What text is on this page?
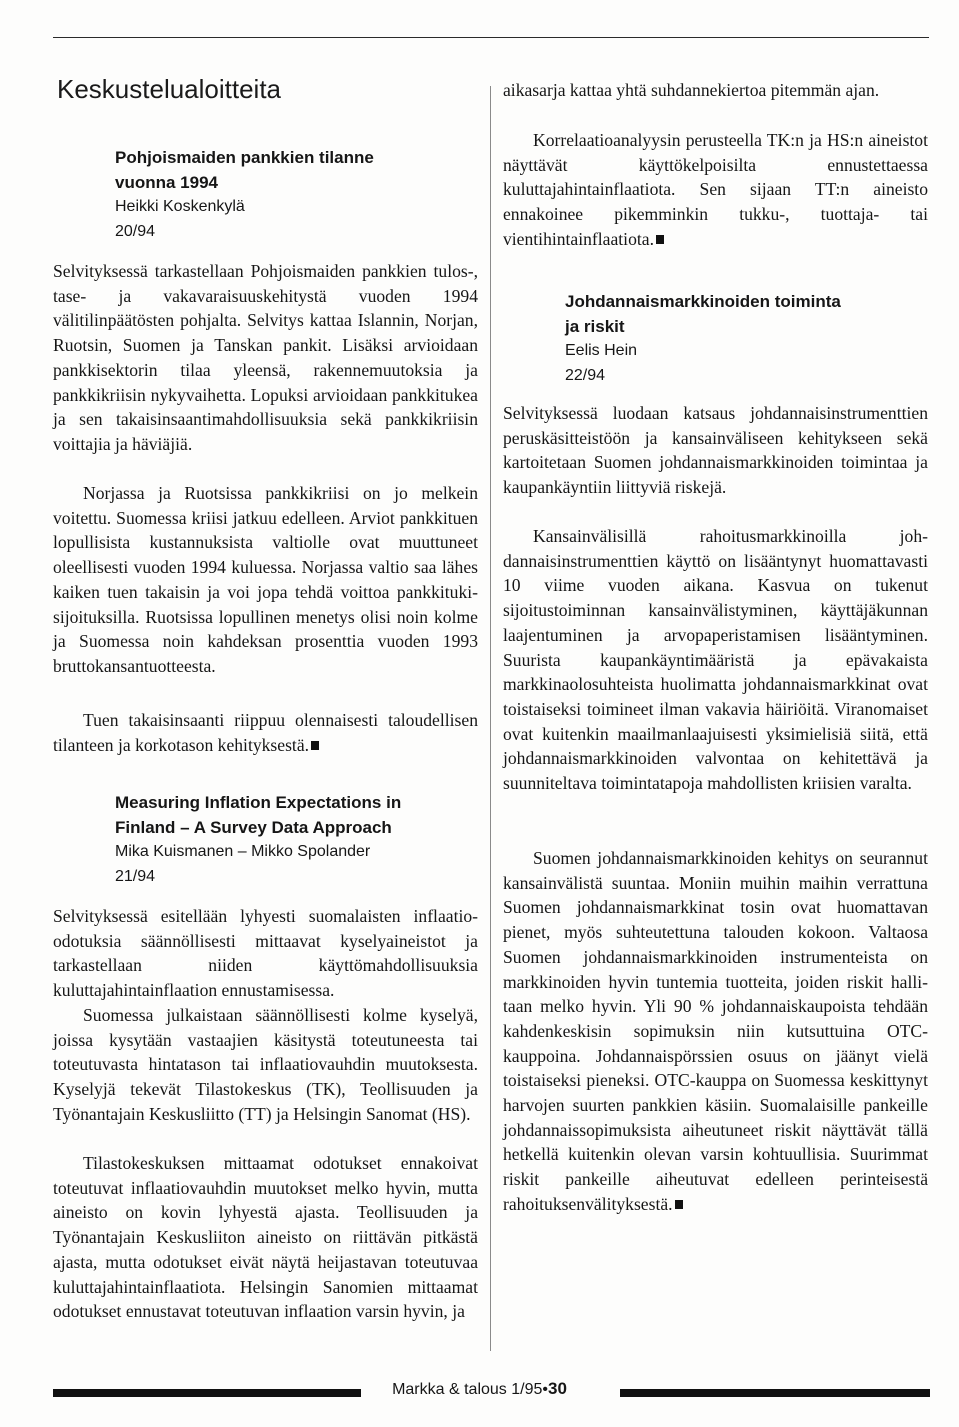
Keskustelualoitteita
Pohjoismaiden pankkien tilanne
vuonna 1994
Heikki Koskenkylä
20/94

Selvityksessä tarkastellaan Pohjoismaiden pankkien tulos-, tase- ja vakavaraisuuskehitystä vuoden 1994 välitilinpäätösten pohjalta. Selvitys kattaa Islannin, Norjan, Ruotsin, Suomen ja Tanskan pankit. Lisäksi arvioidaan pankkisektorin tilaa yleensä, rakennemuutoksia ja pankkikriisin nykyvaihetta. Lopuksi arvioidaan pankkitukea ja sen takaisinsaantimahdollisuuksia sekä pankkikriisin voittajia ja häviäjiä.

Norjassa ja Ruotsissa pankkikriisi on jo melkein voitettu. Suomessa kriisi jatkuu edelleen. Arviot pankkituen lopullisista kustannuksista valtiolle ovat muuttuneet oleellisesti vuoden 1994 kuluessa. Norjassa valtio saa lähes kaiken tuen takaisin ja voi jopa tehdä voittoa pankkitukisijoituksilla. Ruotsissa lopullinen menetys olisi noin kolme ja Suomessa noin kahdeksan prosenttia vuoden 1993 bruttokansantuotteesta.

Tuen takaisinsaanti riippuu olennaisesti taloudellisen tilanteen ja korkotason kehityksestä.

Measuring Inflation Expectations in
Finland – A Survey Data Approach
Mika Kuismanen – Mikko Spolander
21/94

Selvityksessä esitellään lyhyesti suomalaisten inflaatio-odotuksia säännöllisesti mittaavat kyselyaineistot ja tarkastellaan niiden käyttömahdollisuuksia kuluttajahintainflaation ennustamisessa.

Suomessa julkaistaan säännöllisesti kolme kyselyä, joissa kysytään vastaajien käsitystä toteutuneesta tai toteutuvasta hintatason tai inflaatiovauhdin muutoksesta. Kyselyjä tekevät Tilastokeskus (TK), Teollisuuden ja Työnantajain Keskusliitto (TT) ja Helsingin Sanomat (HS).

Tilastokeskuksen mittaamat odotukset ennakoivat toteutuvat inflaatiovauhdin muutokset melko hyvin, mutta aineisto on kovin lyhyestä ajasta. Teollisuuden ja Työnantajain Keskusliiton aineisto on riittävän pitkästä ajasta, mutta odotukset eivät näytä heijastavan toteutuvaa kuluttajahintainflaatiota. Helsingin Sanomien mittaamat odotukset ennustavat toteutuvan inflaation varsin hyvin, ja

aikasarja kattaa yhtä suhdannekiertoa pitemmän ajan.

Korrelaatioanalyysin perusteella TK:n ja HS:n aineistot näyttävät käyttökelpoisilta ennustettaessa kuluttajahintainflaatiota. Sen sijaan TT:n aineisto ennakoinee pikemminkin tukku-, tuottaja- tai vientihintainflaatiota.

Johdannaismarkkinoiden toiminta
ja riskit
Eelis Hein
22/94

Selvityksessä luodaan katsaus johdannaisinstrumenttien peruskäsitteistöön ja kansainväliseen kehitykseen sekä kartoitetaan Suomen johdannaismarkkinoiden toimintaa ja kaupankäyntiin liittyviä riskejä.

Kansainvälisillä rahoitusmarkkinoilla johdannaisinstrumenttien käyttö on lisääntynyt huomattavasti 10 viime vuoden aikana. Kasvua on tukenut sijoitustoiminnan kansainvälistyminen, käyttäjäkunnan laajentuminen ja arvopaperistamisen lisääntyminen. Suurista kaupankäyntimääristä ja epävakaista markkinaolosuhteista huolimatta johdannaismarkkinat ovat toistaiseksi toimineet ilman vakavia häiriöitä. Viranomaiset ovat kuitenkin maailmanlaajuisesti yksimielisiä siitä, että johdannaismarkkinoiden valvontaa on kehitettävä ja suunniteltava toimintatapoja mahdollisten kriisien varalta.

Suomen johdannaismarkkinoiden kehitys on seurannut kansainvälistä suuntaa. Moniin muihin maihin verrattuna Suomen johdannaismarkkinat tosin ovat huomattavan pienet, myös suhteutettuna talouden kokoon. Valtaosa Suomen johdannaismarkkinoiden instrumenteista on markkinoiden hyvin tuntemia tuotteita, joiden riskit hallitaan melko hyvin. Yli 90 % johdannaiskaupoista tehdään kahdenkeskisin sopimuksin niin kutsuttuina OTC-kauppoina. Johdannaispörssien osuus on jäänyt vielä toistaiseksi pieneksi. OTC-kauppa on Suomessa keskittynyt harvojen suurten pankkien käsiin. Suomalaisille pankeille johdannaissopimuksista aiheutuneet riskit näyttävät tällä hetkellä kuitenkin olevan varsin kohtuullisia. Suurimmat riskit pankeille aiheutuvat edelleen perinteisestä rahoituksenvälityksestä.

Markka & talous 1/95•30
